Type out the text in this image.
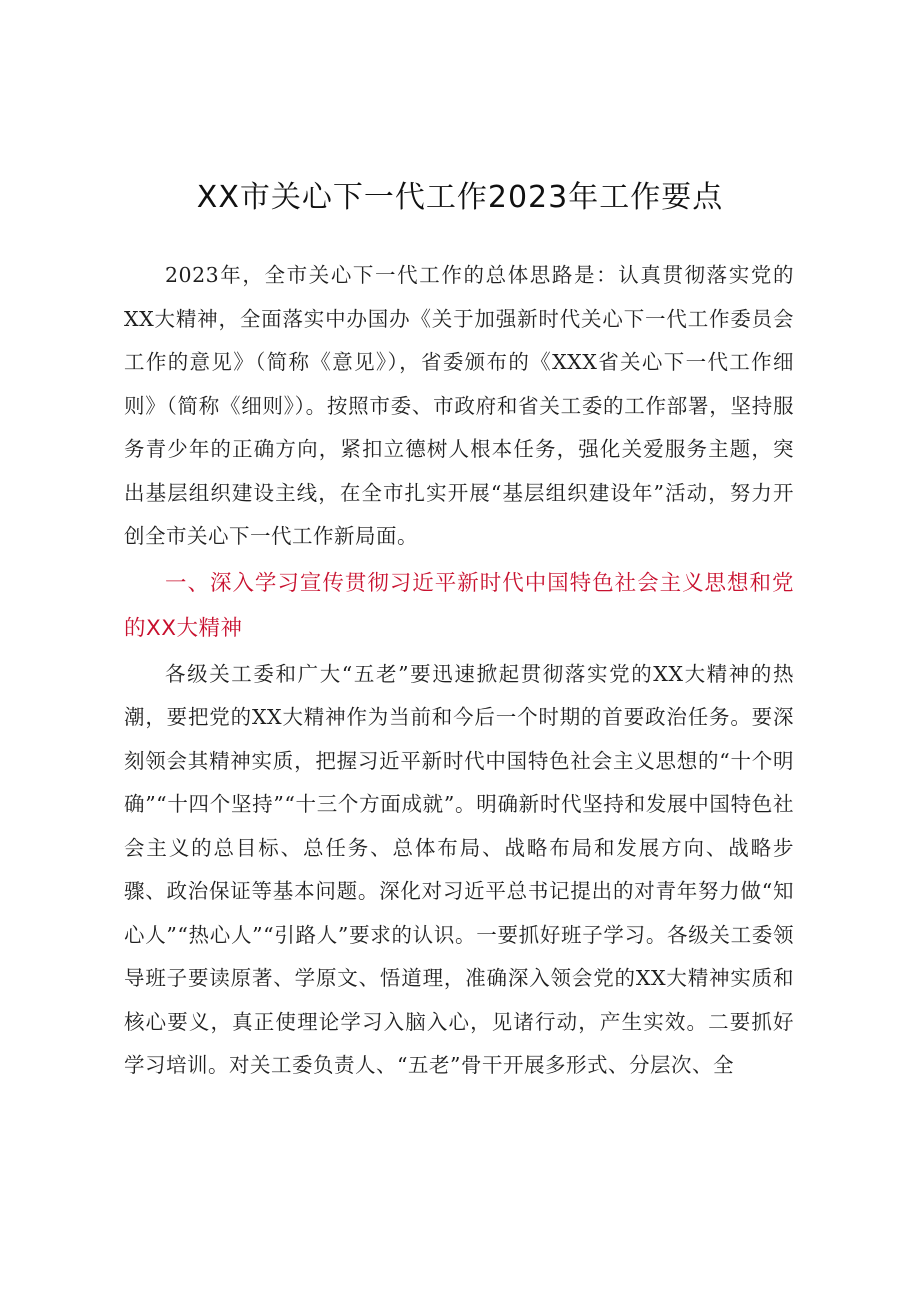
XX市关心下一代工作2023年工作要点

2023年，全市关心下一代工作的总体思路是：认真贯彻落实党的XX大精神，全面落实中办国办《关于加强新时代关心下一代工作委员会工作的意见》（简称《意见》），省委颁布的《XXX省关心下一代工作细则》（简称《细则》）。按照市委、市政府和省关工委的工作部署，坚持服务青少年的正确方向，紧扣立德树人根本任务，强化关爱服务主题，突出基层组织建设主线，在全市扎实开展“基层组织建设年”活动，努力开创全市关心下一代工作新局面。

一、深入学习宣传贯彻习近平新时代中国特色社会主义思想和党的XX大精神

各级关工委和广大“五老”要迅速掀起贯彻落实党的XX大精神的热潮，要把党的XX大精神作为当前和今后一个时期的首要政治任务。要深刻领会其精神实质，把握习近平新时代中国特色社会主义思想的“十个明确”“十四个坚持”“十三个方面成就”。明确新时代坚持和发展中国特色社会主义的总目标、总任务、总体布局、战略布局和发展方向、战略步骤、政治保证等基本问题。深化对习近平总书记提出的对青年努力做“知心人”“热心人”“引路人”要求的认识。一要抓好班子学习。各级关工委领导班子要读原著、学原文、悟道理，准确深入领会党的XX大精神实质和核心要义，真正使理论学习入脑入心，见诸行动，产生实效。二要抓好学习培训。对关工委负责人、“五老”骨干开展多形式、分层次、全
